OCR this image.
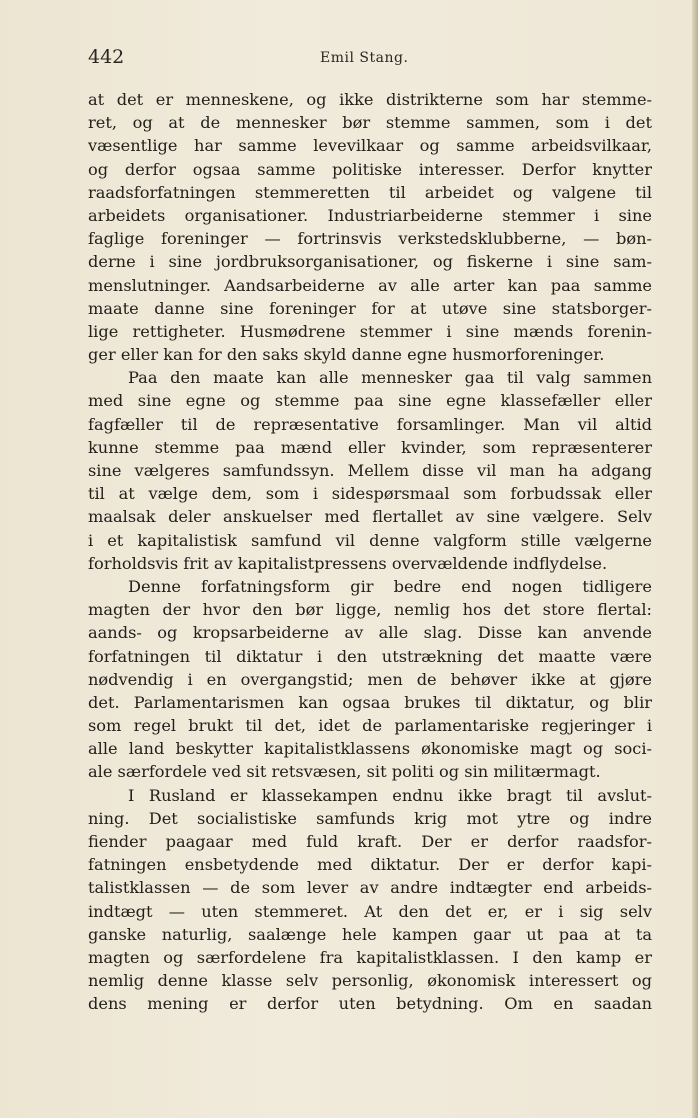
442	Emil Stang.
at det er menneskene, og ikke distrikterne som har stemme-
ret, og at de mennesker bør stemme sammen, som i det
væsentlige har samme levevilkaar og samme arbeidsvilkaar,
og derfor ogsaa samme politiske interesser. Derfor knytter
raadsforfatningen stemmeretten til arbeidet og valgene til
arbeidets organisationer. Industriarbeiderne stemmer i sine
faglige foreninger — fortrinsvis verkstedsklubberne, — bøn-
derne i sine jordbruksorganisationer, og fiskerne i sine sam-
menslutninger. Aandsarbeiderne av alle arter kan paa samme
maate danne sine foreninger for at utøve sine statsborger-
lige rettigheter. Husmødrene stemmer i sine mænds forenin-
ger eller kan for den saks skyld danne egne husmorforeninger.
Paa den maate kan alle mennesker gaa til valg sammen
med sine egne og stemme paa sine egne klassefæller eller
fagfæller til de repræsentative forsamlinger. Man vil altid
kunne stemme paa mænd eller kvinder, som repræsenterer
sine vælgeres samfundssyn. Mellem disse vil man ha adgang
til at vælge dem, som i sidespørsmaal som forbudssak eller
maalsak deler anskuelser med flertallet av sine vælgere. Selv
i et kapitalistisk samfund vil denne valgform stille vælgerne
forholdsvis frit av kapitalistpressens overvældende indflydelse.
Denne forfatningsform gir bedre end nogen tidligere
magten der hvor den bør ligge, nemlig hos det store flertal:
aands- og kropsarbeiderne av alle slag. Disse kan anvende
forfatningen til diktatur i den utstrækning det maatte være
nødvendig i en overgangstid; men de behøver ikke at gjøre
det. Parlamentarismen kan ogsaa brukes til diktatur, og blir
som regel brukt til det, idet de parlamentariske regjeringer i
alle land beskytter kapitalistklassens økonomiske magt og soci-
ale særfordele ved sit retsvæsen, sit politi og sin militærmagt.
I Rusland er klassekampen endnu ikke bragt til avslut-
ning. Det socialistiske samfunds krig mot ytre og indre
fiender paagaar med fuld kraft. Der er derfor raadsfor-
fatningen ensbetydende med diktatur. Der er derfor kapi-
talistklassen — de som lever av andre indtægter end arbeids-
indtægt — uten stemmeret. At den det er, er i sig selv
ganske naturlig, saalænge hele kampen gaar ut paa at ta
magten og særfordelene fra kapitalistklassen. I den kamp er
nemlig denne klasse selv personlig, økonomisk interessert og
dens mening er derfor uten betydning. Om en saadan
